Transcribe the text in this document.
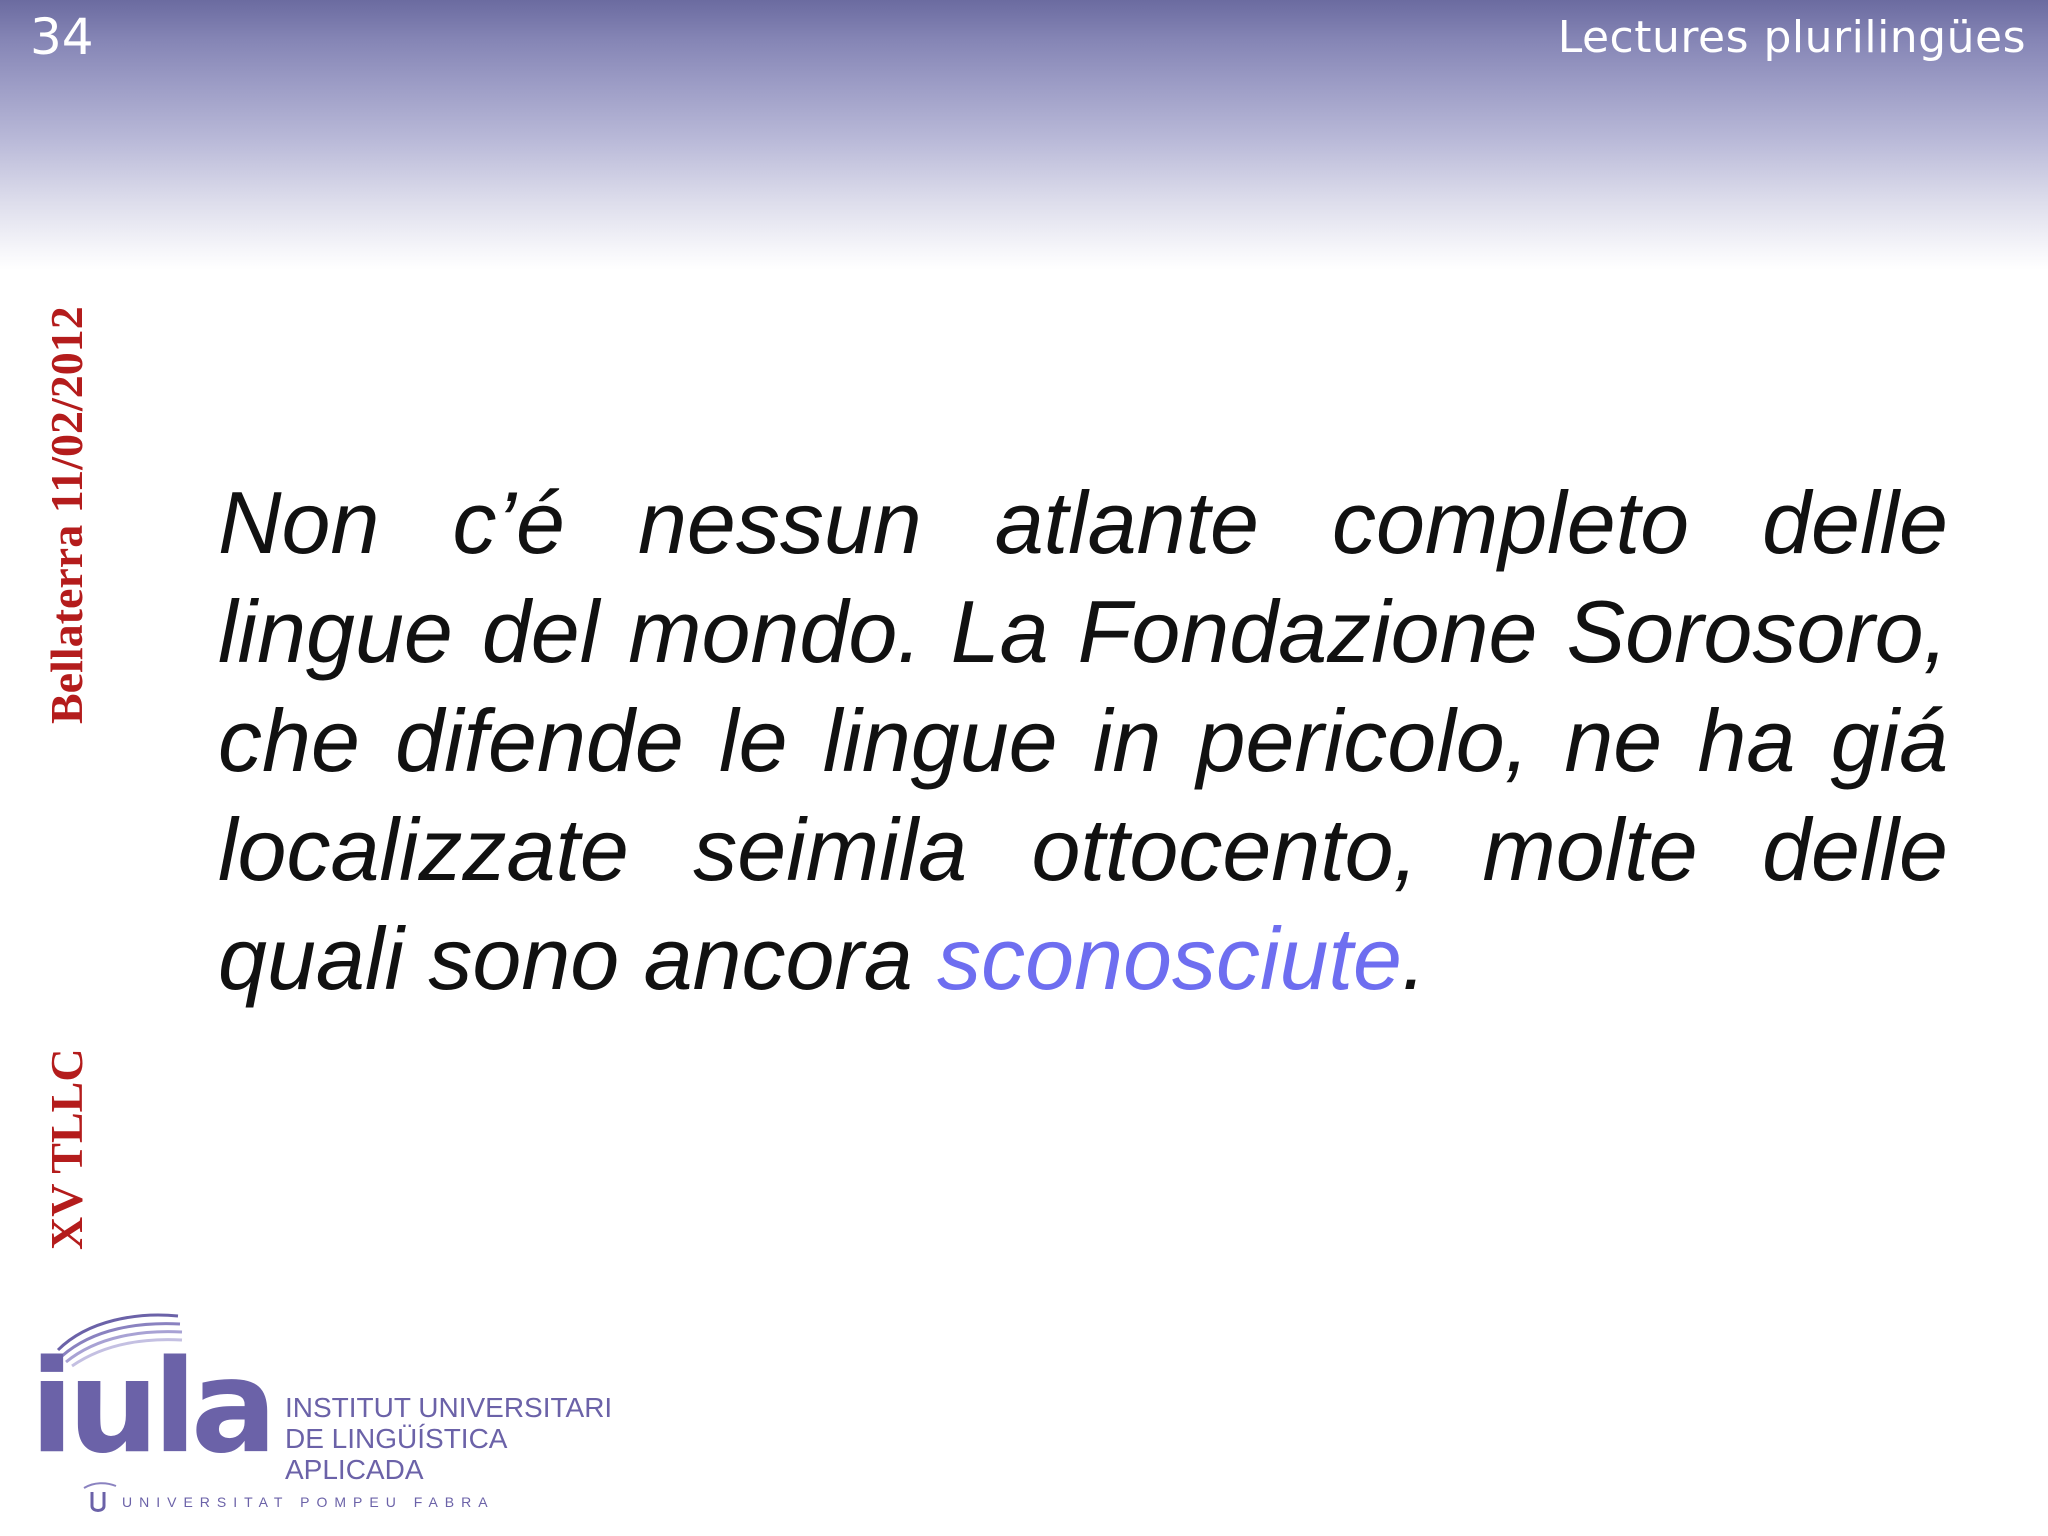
34	Lectures plurilingües
Bellaterra 11/02/2012
XV TLLC
Non c’é nessun atlante completo delle lingue del mondo. La Fondazione Sorosoro, che difende le lingue in pericolo, ne ha giá localizzate seimila ottocento, molte delle quali sono ancora sconosciute.
iula INSTITUT UNIVERSITARI
DE LINGÜÍSTICA APLICADA
UNIVERSITAT POMPEU FABRA
